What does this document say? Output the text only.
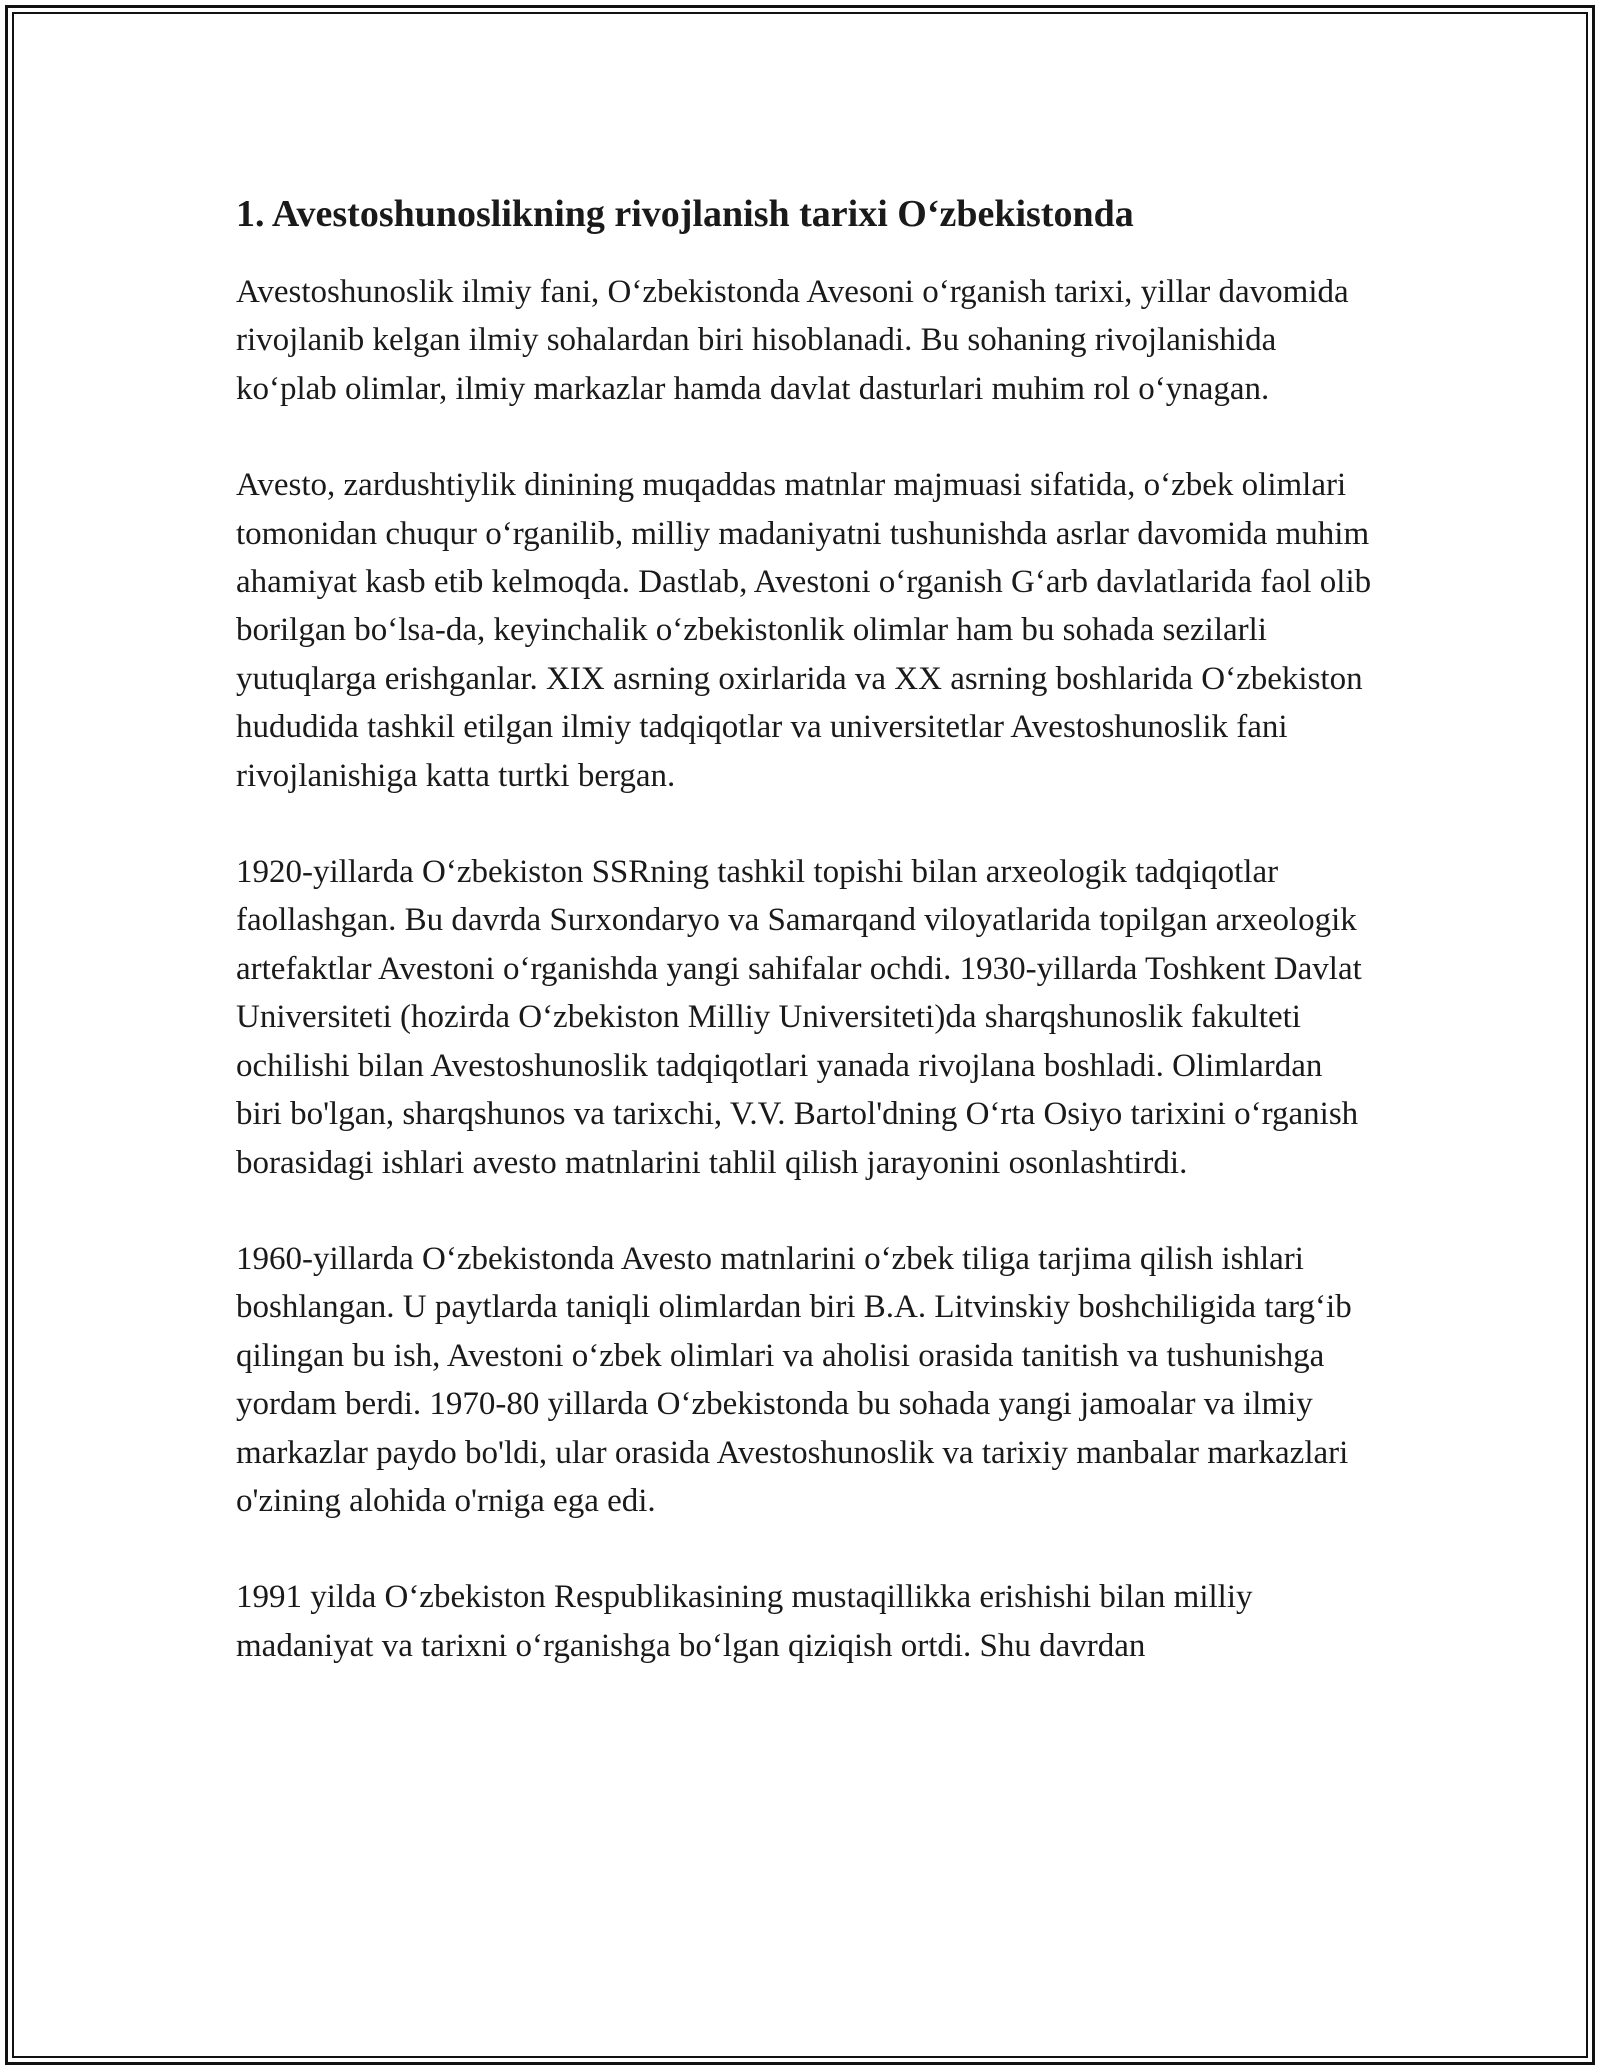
1. Avestoshunoslikning rivojlanish tarixi O‘zbekistonda

Avestoshunoslik ilmiy fani, O‘zbekistonda Avesoni o‘rganish tarixi, yillar davomida rivojlanib kelgan ilmiy sohalardan biri hisoblanadi. Bu sohaning rivojlanishida ko‘plab olimlar, ilmiy markazlar hamda davlat dasturlari muhim rol o‘ynagan.

Avesto, zardushtiylik dinining muqaddas matnlar majmuasi sifatida, o‘zbek olimlari tomonidan chuqur o‘rganilib, milliy madaniyatni tushunishda asrlar davomida muhim ahamiyat kasb etib kelmoqda. Dastlab, Avestoni o‘rganish G‘arb davlatlarida faol olib borilgan bo‘lsa-da, keyinchalik o‘zbekistonlik olimlar ham bu sohada sezilarli yutuqlarga erishganlar. XIX asrning oxirlarida va XX asrning boshlarida O‘zbekiston hududida tashkil etilgan ilmiy tadqiqotlar va universitetlar Avestoshunoslik fani rivojlanishiga katta turtki bergan.

1920-yillarda O‘zbekiston SSRning tashkil topishi bilan arxeologik tadqiqotlar faollashgan. Bu davrda Surxondaryo va Samarqand viloyatlarida topilgan arxeologik artefaktlar Avestoni o‘rganishda yangi sahifalar ochdi. 1930-yillarda Toshkent Davlat Universiteti (hozirda O‘zbekiston Milliy Universiteti)da sharqshunoslik fakulteti ochilishi bilan Avestoshunoslik tadqiqotlari yanada rivojlana boshladi. Olimlardan biri bo'lgan, sharqshunos va tarixchi, V.V. Bartol'dning O‘rta Osiyo tarixini o‘rganish borasidagi ishlari avesto matnlarini tahlil qilish jarayonini osonlashtirdi.

1960-yillarda O‘zbekistonda Avesto matnlarini o‘zbek tiliga tarjima qilish ishlari boshlangan. U paytlarda taniqli olimlardan biri B.A. Litvinskiy boshchiligida targ‘ib qilingan bu ish, Avestoni o‘zbek olimlari va aholisi orasida tanitish va tushunishga yordam berdi. 1970-80 yillarda O‘zbekistonda bu sohada yangi jamoalar va ilmiy markazlar paydo bo'ldi, ular orasida Avestoshunoslik va tarixiy manbalar markazlari o'zining alohida o'rniga ega edi.

1991 yilda O‘zbekiston Respublikasining mustaqillikka erishishi bilan milliy madaniyat va tarixni o‘rganishga bo‘lgan qiziqish ortdi. Shu davrdan
